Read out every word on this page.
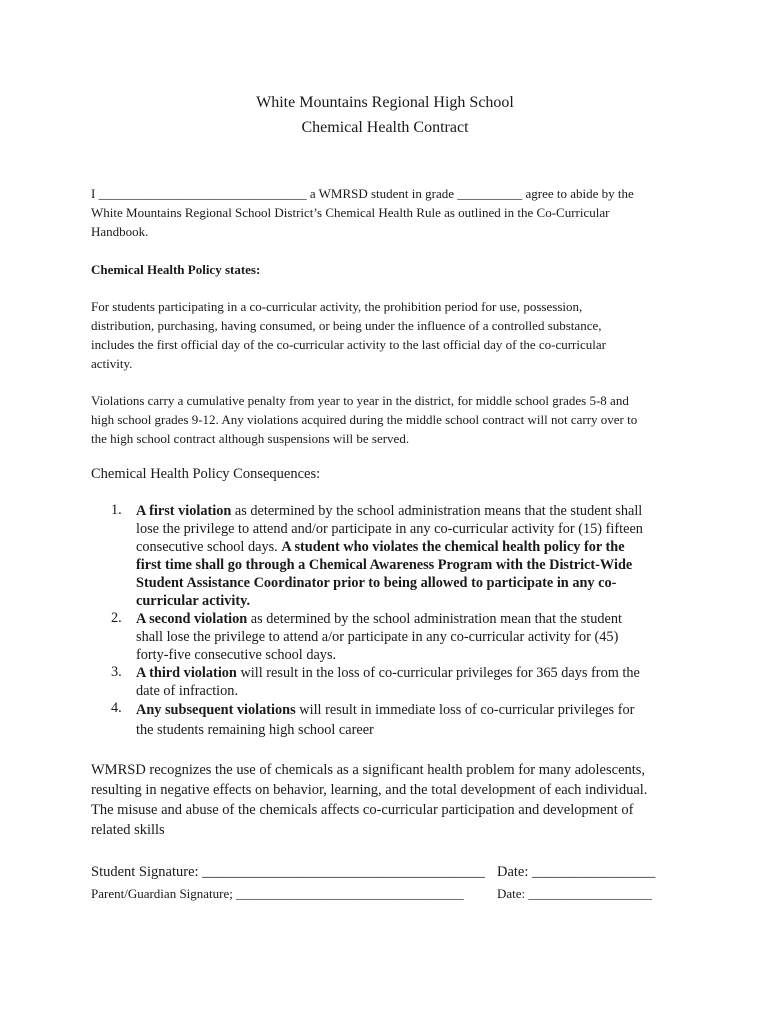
White Mountains Regional High School
Chemical Health Contract
I ________________________________ a WMRSD student in grade __________ agree to abide by the
White Mountains Regional School District’s Chemical Health Rule as outlined in the Co-Curricular
Handbook.
Chemical Health Policy states:
For students participating in a co-curricular activity, the prohibition period for use, possession,
distribution, purchasing, having consumed, or being under the influence of a controlled substance,
includes the first official day of the co-curricular activity to the last official day of the co-curricular
activity.
Violations carry a cumulative penalty from year to year in the district, for middle school grades 5-8 and
high school grades 9-12. Any violations acquired during the middle school contract will not carry over to
the high school contract although suspensions will be served.
Chemical Health Policy Consequences:
1. A first violation as determined by the school administration means that the student shall

lose the privilege to attend and/or participate in any co-curricular activity for (15) fifteen

consecutive school days. A student who violates the chemical health policy for the

first time shall go through a Chemical Awareness Program with the District-Wide

Student Assistance Coordinator prior to being allowed to participate in any co-

curricular activity.

2. A second violation as determined by the school administration mean that the student

shall lose the privilege to attend a/or participate in any co-curricular activity for (45)

forty-five consecutive school days.

3. A third violation will result in the loss of co-curricular privileges for 365 days from the

date of infraction.

4. Any subsequent violations will result in immediate loss of co-curricular privileges for

the students remaining high school career

WMRSD recognizes the use of chemicals as a significant health problem for many adolescents,
resulting in negative effects on behavior, learning, and the total development of each individual.
The misuse and abuse of the chemicals affects co-curricular participation and development of
related skills
Student Signature: _______________________________________ Date: _________________
Parent/Guardian Signature; ___________________________________	Date: ___________________
